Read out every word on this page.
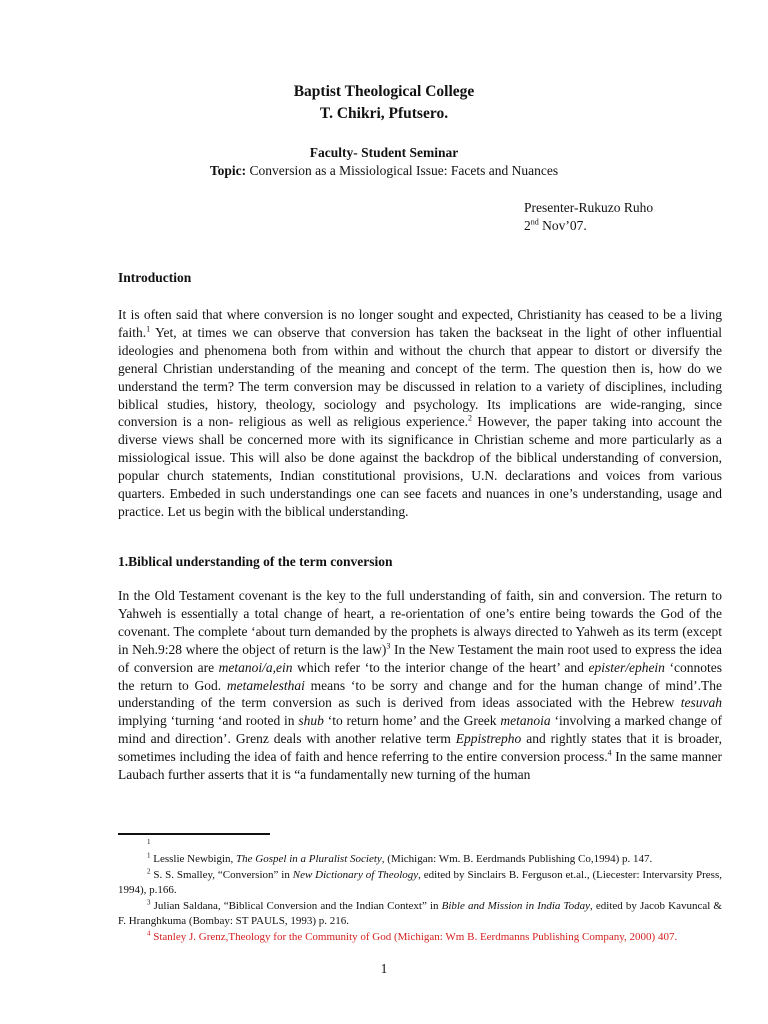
Baptist Theological College
T. Chikri, Pfutsero.
Faculty- Student Seminar
Topic: Conversion as a Missiological Issue: Facets and Nuances
Presenter-Rukuzo Ruho
2nd Nov’07.
Introduction

It is often said that where conversion is no longer sought and expected, Christianity has ceased to be a living faith.$^1$ Yet, at times we can observe that conversion has taken the backseat in the light of other influential ideologies and phenomena both from within and without the church that appear to distort or diversify the general Christian understanding of the meaning and concept of the term. The question then is, how do we understand the term? The term conversion may be discussed in relation to a variety of disciplines, including biblical studies, history, theology, sociology and psychology. Its implications are wide-ranging, since conversion is a non- religious as well as religious experience.$^2$ However, the paper taking into account the diverse views shall be concerned more with its significance in Christian scheme and more particularly as a missiological issue. This will also be done against the backdrop of the biblical understanding of conversion, popular church statements, Indian constitutional provisions, U.N. declarations and voices from various quarters. Embeded in such understandings one can see facets and nuances in one’s understanding, usage and practice. Let us begin with the biblical understanding.

1.Biblical understanding of the term conversion

In the Old Testament covenant is the key to the full understanding of faith, sin and conversion. The return to Yahweh is essentially a total change of heart, a re-orientation of one’s entire being towards the God of the covenant. The complete ‘about turn demanded by the prophets is always directed to Yahweh as its term (except in Neh.9:28 where the object of return is the law)$^3$ In the New Testament the main root used to express the idea of conversion are metanoi/a,ein which refer ‘to the interior change of the heart’ and epister/ephein ‘connotes the return to God. metamelesthai means ‘to be sorry and change and for the human change of mind’.The understanding of the term conversion as such is derived from ideas associated with the Hebrew tesuvah implying ‘turning ‘and rooted in shub ‘to return home’ and the Greek metanoia ‘involving a marked change of mind and direction’. Grenz deals with another relative term Eppistrepho and rightly states that it is broader, sometimes including the idea of faith and hence referring to the entire conversion process.$^4$ In the same manner Laubach further asserts that it is “a fundamentally new turning of the human

1

$^1$ Lesslie Newbigin, The Gospel in a Pluralist Society, (Michigan: Wm. B. Eerdmands Publishing Co,1994) p. 147.

$^2$ S. S. Smalley, “Conversion” in New Dictionary of Theology, edited by Sinclairs B. Ferguson et.al., (Liecester: Intervarsity Press, 1994), p.166.

$^3$ Julian Saldana, “Biblical Conversion and the Indian Context” in Bible and Mission in India Today, edited by Jacob Kavuncal & F. Hranghkuma (Bombay: ST PAULS, 1993) p. 216.

$^4$ Stanley J. Grenz,Theology for the Community of God (Michigan: Wm B. Eerdmanns Publishing Company, 2000) 407.

1
